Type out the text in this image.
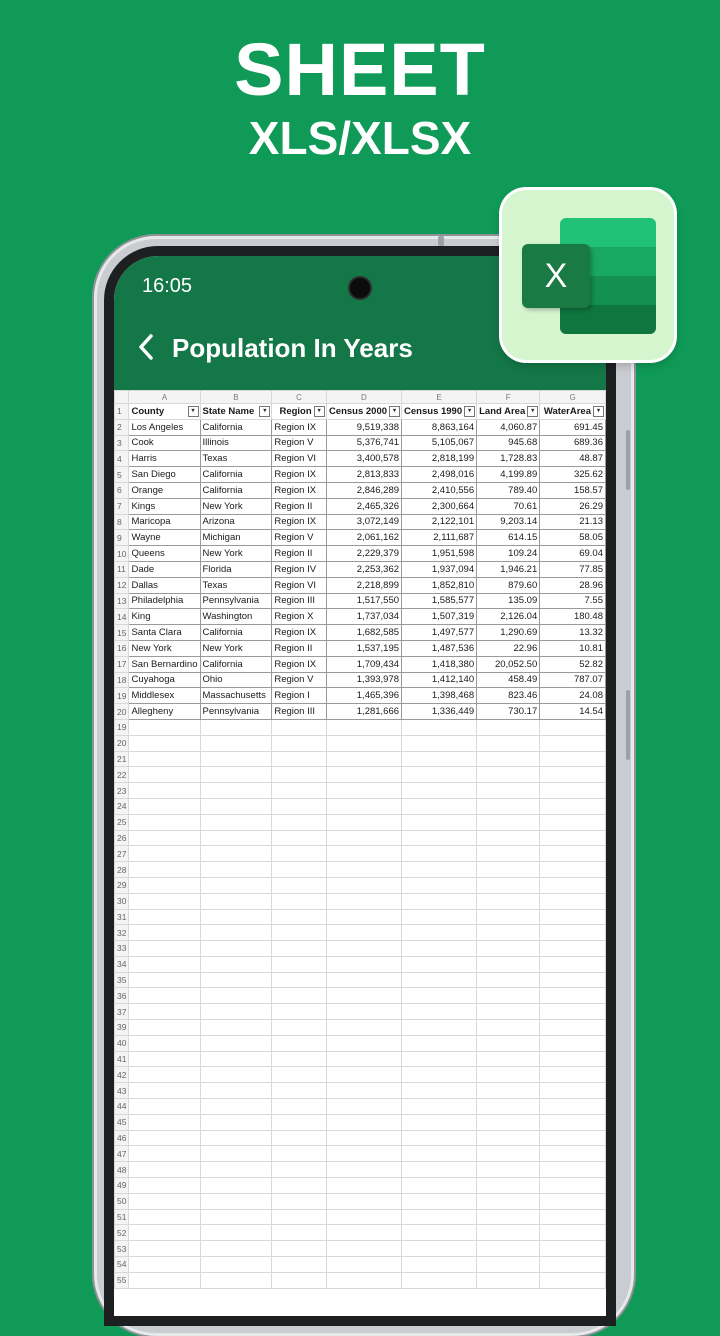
SHEET
XLS/XLSX
16:05
Population In Years
	A	B	C	D	E	F	G
1	County ▾	State Name ▾	Region ▾	Census 2000 ▾	Census 1990 ▾	Land Area ▾	WaterArea ▾

2	Los Angeles	California	Region IX	9,519,338	8,863,164	4,060.87	691.45
3	Cook	Illinois	Region V	5,376,741	5,105,067	945.68	689.36
4	Harris	Texas	Region VI	3,400,578	2,818,199	1,728.83	48.87
5	San Diego	California	Region IX	2,813,833	2,498,016	4,199.89	325.62
6	Orange	California	Region IX	2,846,289	2,410,556	789.40	158.57
7	Kings	New York	Region II	2,465,326	2,300,664	70.61	26.29
8	Maricopa	Arizona	Region IX	3,072,149	2,122,101	9,203.14	21.13
9	Wayne	Michigan	Region V	2,061,162	2,111,687	614.15	58.05
10	Queens	New York	Region II	2,229,379	1,951,598	109.24	69.04
11	Dade	Florida	Region IV	2,253,362	1,937,094	1,946.21	77.85
12	Dallas	Texas	Region VI	2,218,899	1,852,810	879.60	28.96
13	Philadelphia	Pennsylvania	Region III	1,517,550	1,585,577	135.09	7.55
14	King	Washington	Region X	1,737,034	1,507,319	2,126.04	180.48
15	Santa Clara	California	Region IX	1,682,585	1,497,577	1,290.69	13.32
16	New York	New York	Region II	1,537,195	1,487,536	22.96	10.81
17	San Bernardino	California	Region IX	1,709,434	1,418,380	20,052.50	52.82
18	Cuyahoga	Ohio	Region V	1,393,978	1,412,140	458.49	787.07
19	Middlesex	Massachusetts	Region I	1,465,396	1,398,468	823.46	24.08
20	Allegheny	Pennsylvania	Region III	1,281,666	1,336,449	730.17	14.54
19							
20							
21							
22							
23							
24							
25							
26							
27							
28							
29							
30							
31							
32							
33							
34							
35							
36							
37							
39							
40							
41							
42							
43							
44							
45							
46							
47							
48							
49							
50							
51							
52							
53							
54							
55							
X
